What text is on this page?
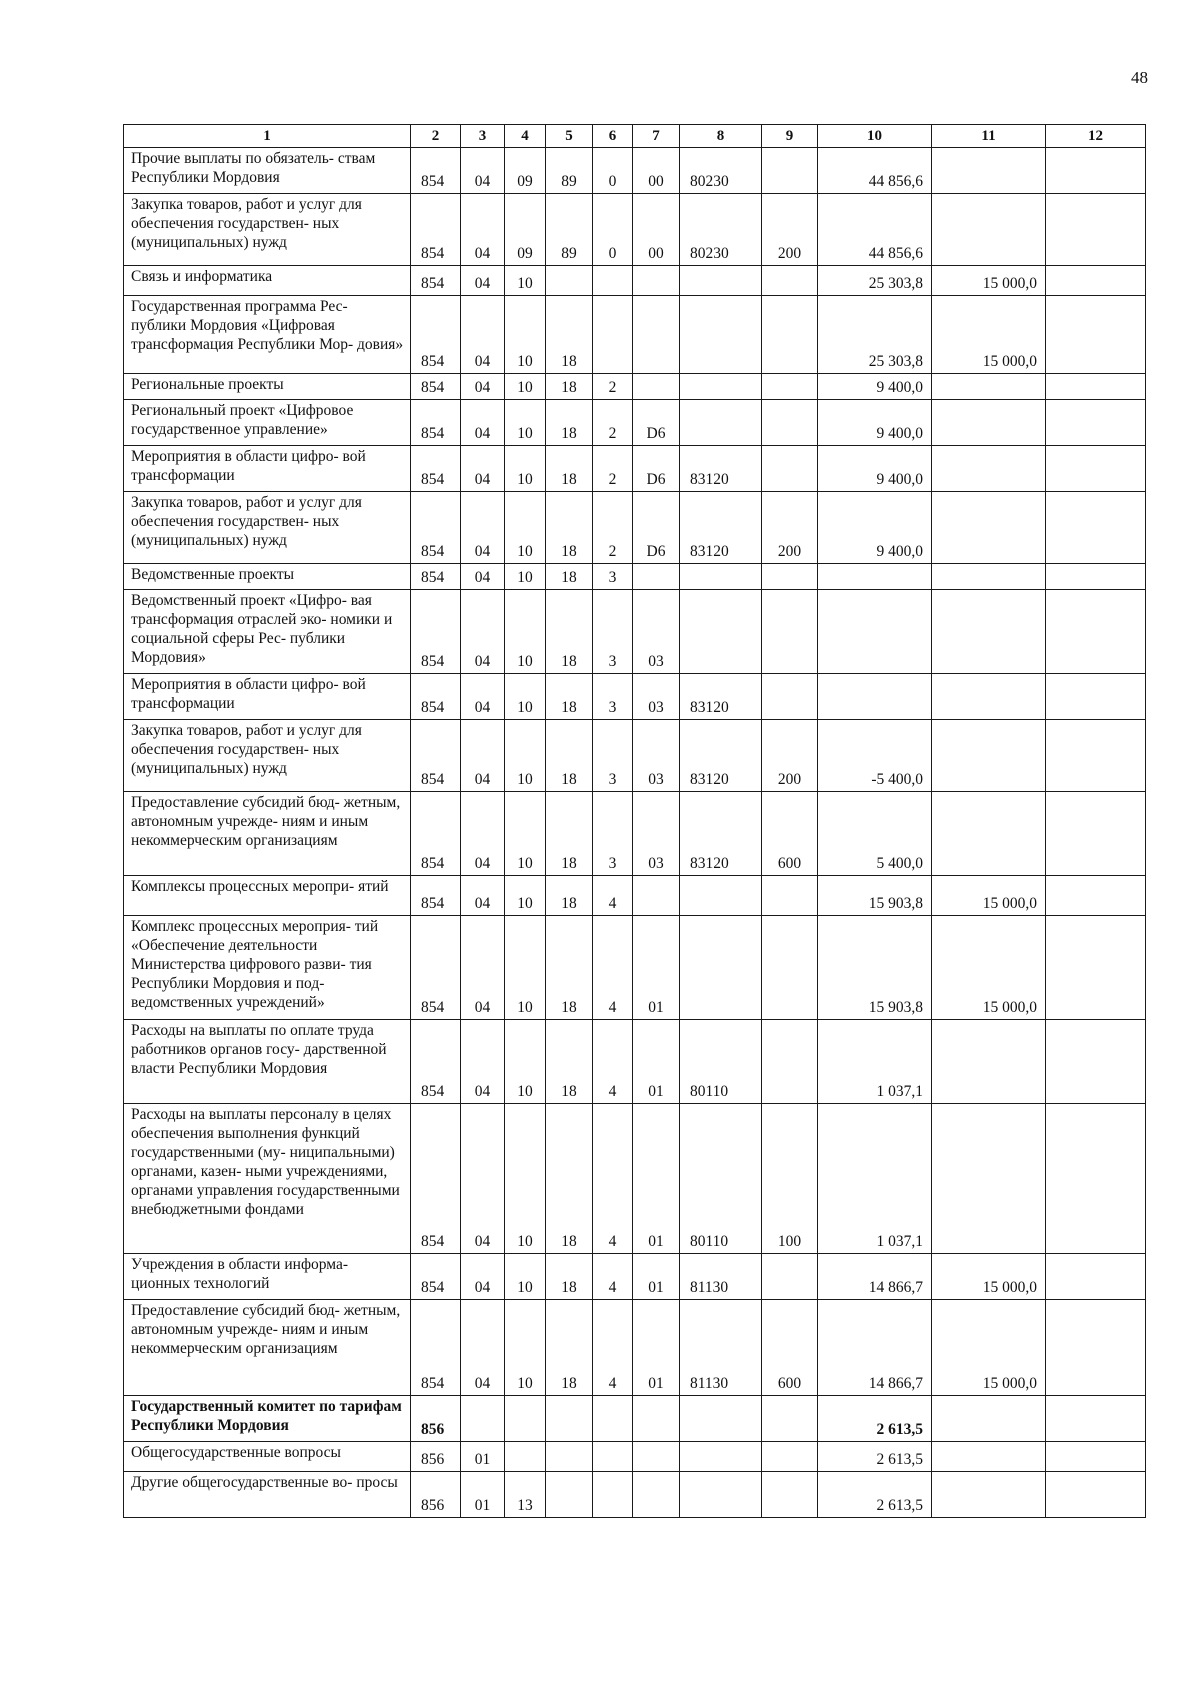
48
1	2	3	4	5	6	7	8	9	10	11	12
Прочие выплаты по обязатель- ствам Республики Мордовия	854	04	09	89	0	00	80230		44 856,6		
Закупка товаров, работ и услуг для обеспечения государствен- ных (муниципальных) нужд	854	04	09	89	0	00	80230	200	44 856,6		
Связь и информатика	854	04	10						25 303,8	15 000,0	
Государственная программа Рес- публики Мордовия «Цифровая трансформация Республики Мор- довия»	854	04	10	18					25 303,8	15 000,0	
Региональные проекты	854	04	10	18	2				9 400,0		
Региональный проект «Цифровое государственное управление»	854	04	10	18	2	D6			9 400,0		
Мероприятия в области цифро- вой трансформации	854	04	10	18	2	D6	83120		9 400,0		
Закупка товаров, работ и услуг для обеспечения государствен- ных (муниципальных) нужд	854	04	10	18	2	D6	83120	200	9 400,0		
Ведомственные проекты	854	04	10	18	3						
Ведомственный проект «Цифро- вая трансформация отраслей эко- номики и социальной сферы Рес- публики Мордовия»	854	04	10	18	3	03					
Мероприятия в области цифро- вой трансформации	854	04	10	18	3	03	83120				
Закупка товаров, работ и услуг для обеспечения государствен- ных (муниципальных) нужд	854	04	10	18	3	03	83120	200	-5 400,0		
Предоставление субсидий бюд- жетным, автономным учрежде- ниям и иным некоммерческим организациям	854	04	10	18	3	03	83120	600	5 400,0		
Комплексы процессных меропри- ятий	854	04	10	18	4				15 903,8	15 000,0	
Комплекс процессных мероприя- тий «Обеспечение деятельности Министерства цифрового разви- тия Республики Мордовия и под- ведомственных учреждений»	854	04	10	18	4	01			15 903,8	15 000,0	
Расходы на выплаты по оплате труда работников органов госу- дарственной власти Республики Мордовия	854	04	10	18	4	01	80110		1 037,1		
Расходы на выплаты персоналу в целях обеспечения выполнения функций государственными (му- ниципальными) органами, казен- ными учреждениями, органами управления государственными внебюджетными фондами	854	04	10	18	4	01	80110	100	1 037,1		
Учреждения в области информа- ционных технологий	854	04	10	18	4	01	81130		14 866,7	15 000,0	
Предоставление субсидий бюд- жетным, автономным учрежде- ниям и иным некоммерческим организациям	854	04	10	18	4	01	81130	600	14 866,7	15 000,0	
Государственный комитет по тарифам Республики Мордовия	856								2 613,5		
Общегосударственные вопросы	856	01							2 613,5		
Другие общегосударственные во- просы	856	01	13						2 613,5		
